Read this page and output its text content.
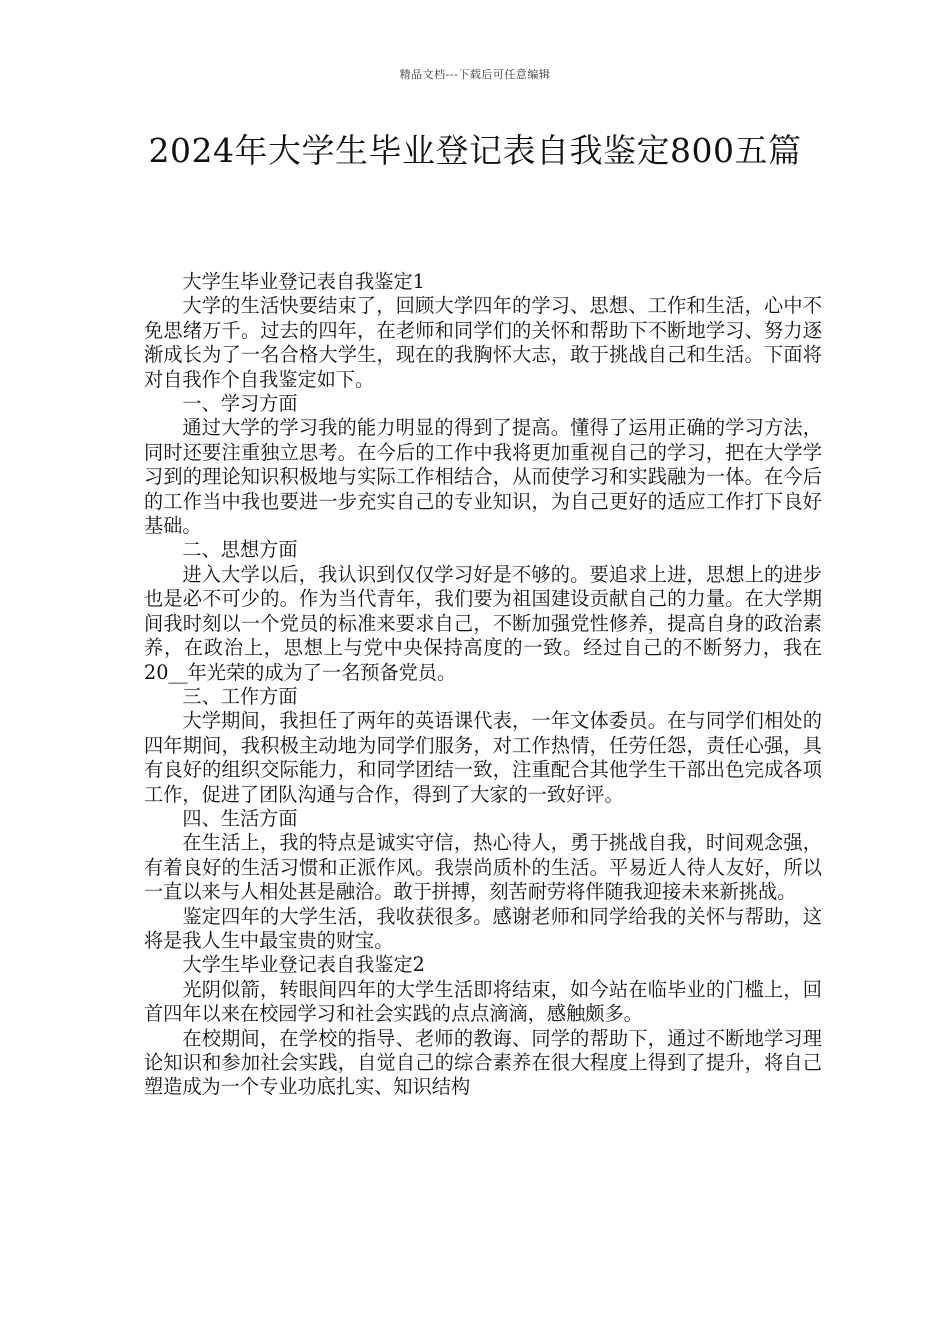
精品文档---下载后可任意编辑
2024年大学生毕业登记表自我鉴定800五篇

大学生毕业登记表自我鉴定1

大学的生活快要结束了，回顾大学四年的学习、思想、工作和生活，心中不免思绪万千。过去的四年，在老师和同学们的关怀和帮助下不断地学习、努力逐渐成长为了一名合格大学生，现在的我胸怀大志，敢于挑战自己和生活。下面将对自我作个自我鉴定如下。

一、学习方面

通过大学的学习我的能力明显的得到了提高。懂得了运用正确的学习方法，同时还要注重独立思考。在今后的工作中我将更加重视自己的学习，把在大学学习到的理论知识积极地与实际工作相结合，从而使学习和实践融为一体。在今后的工作当中我也要进一步充实自己的专业知识，为自己更好的适应工作打下良好基础。

二、思想方面

进入大学以后，我认识到仅仅学习好是不够的。要追求上进，思想上的进步也是必不可少的。作为当代青年，我们要为祖国建设贡献自己的力量。在大学期间我时刻以一个党员的标准来要求自己，不断加强党性修养，提高自身的政治素养，在政治上，思想上与党中央保持高度的一致。经过自己的不断努力，我在20__年光荣的成为了一名预备党员。

三、工作方面

大学期间，我担任了两年的英语课代表，一年文体委员。在与同学们相处的四年期间，我积极主动地为同学们服务，对工作热情，任劳任怨，责任心强，具有良好的组织交际能力，和同学团结一致，注重配合其他学生干部出色完成各项工作，促进了团队沟通与合作，得到了大家的一致好评。

四、生活方面

在生活上，我的特点是诚实守信，热心待人，勇于挑战自我，时间观念强，有着良好的生活习惯和正派作风。我崇尚质朴的生活。平易近人待人友好，所以一直以来与人相处甚是融洽。敢于拼搏，刻苦耐劳将伴随我迎接未来新挑战。

鉴定四年的大学生活，我收获很多。感谢老师和同学给我的关怀与帮助，这将是我人生中最宝贵的财宝。

大学生毕业登记表自我鉴定2

光阴似箭，转眼间四年的大学生活即将结束，如今站在临毕业的门槛上，回首四年以来在校园学习和社会实践的点点滴滴，感触颇多。

在校期间，在学校的指导、老师的教诲、同学的帮助下，通过不断地学习理论知识和参加社会实践，自觉自己的综合素养在很大程度上得到了提升，将自己塑造成为一个专业功底扎实、知识结构
